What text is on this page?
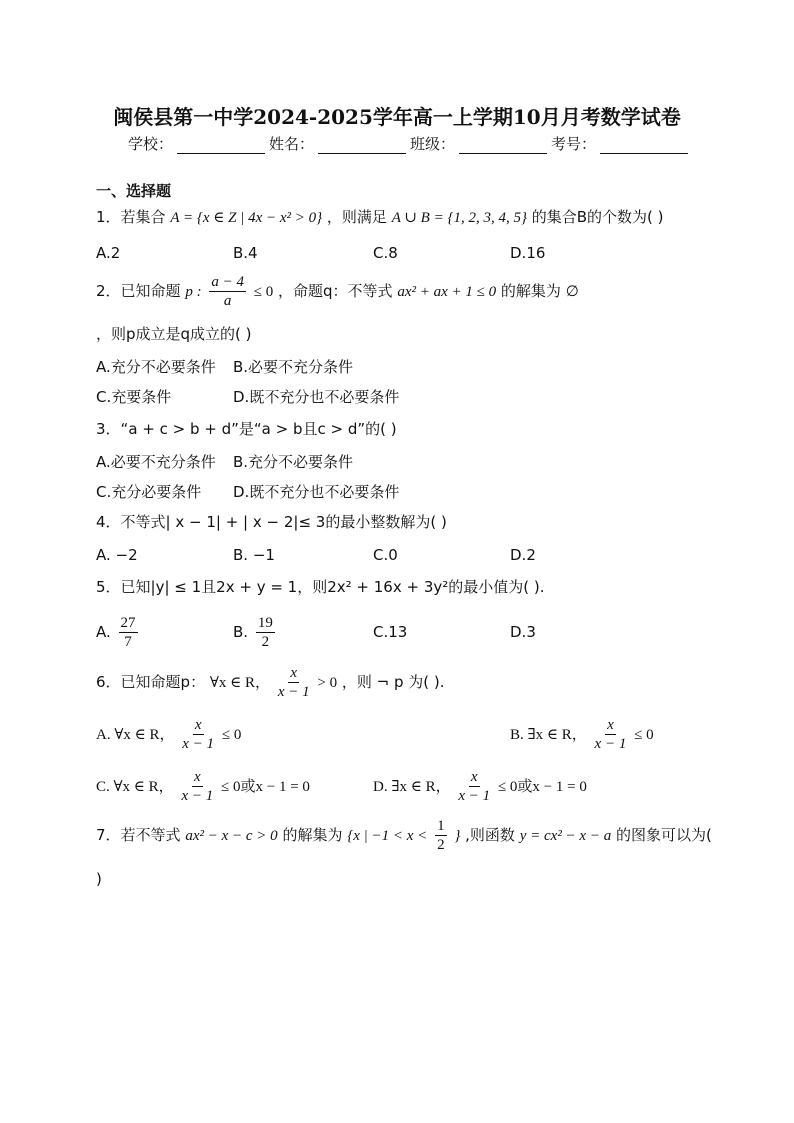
闽侯县第一中学2024-2025学年高一上学期10月月考数学试卷
学校：	姓名：	班级：	考号：
一、选择题
1．若集合 A = {x ∈ Z | 4x − x² > 0} ，则满足 A ∪ B = {1, 2, 3, 4, 5} 的集合B的个数为( )
A.2	B.4	C.8	D.16
2．已知命题 p : $\frac{a - 4}{a} \le 0$ ，命题q：不等式 ax² + ax + 1 ≤ 0 的解集为 ∅
，则p成立是q成立的( )
A.充分不必要条件 B.必要不充分条件
C.充要条件	D.既不充分也不必要条件
3．“a + c > b + d”是“a > b且c > d”的( )
A.必要不充分条件 B.充分不必要条件
C.充分必要条件 D.既不充分也不必要条件
4．不等式| x − 1| + | x − 2|≤ 3的最小整数解为( )
A. −2	B. −1	C.0	D.2
5．已知|y| ≤ 1且2x + y = 1，则2x² + 16x + 3y²的最小值为( ).
A. $\frac{27}{7}$	B. $\frac{19}{2}$	C.13	D.3
6．已知命题p： ∀x ∈ R， $\frac{x}{x - 1} > 0$ ，则 ¬ p 为( ).
A. ∀x ∈ R， $\frac{x}{x - 1} \le 0$	B. ∃x ∈ R， $\frac{x}{x - 1} \le 0$
C. ∀x ∈ R， $\frac{x}{x - 1} \le 0$或x − 1 = 0	D. ∃x ∈ R， $\frac{x}{x - 1} \le 0$或x − 1 = 0
7．若不等式 ax² − x − c > 0 的解集为 {x | $-1 < x < \frac{1}{2}$ } ,则函数 y = cx² − x − a 的图象可以为(
)
